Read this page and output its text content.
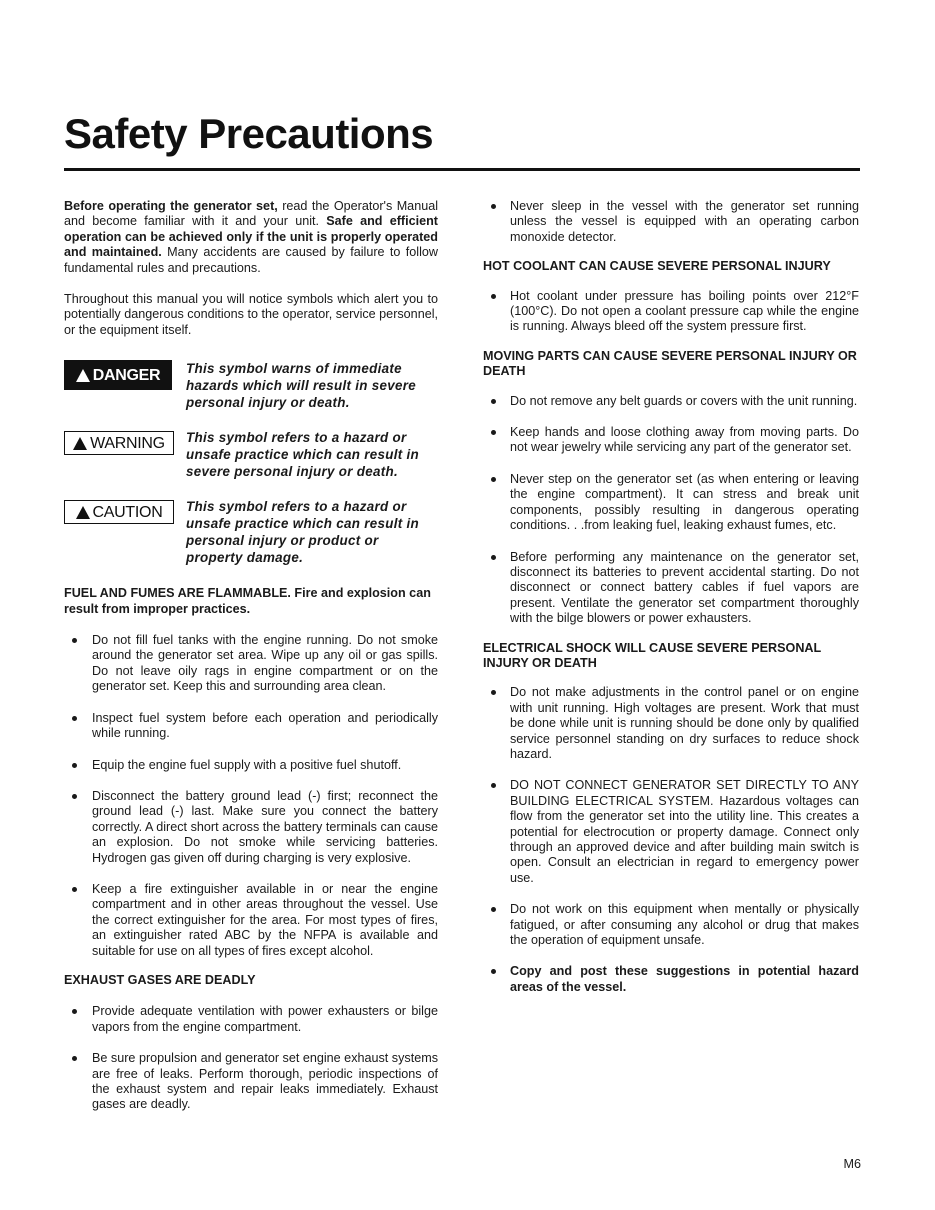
Safety Precautions

Before operating the generator set, read the Operator's Manual and become familiar with it and your unit. Safe and efficient operation can be achieved only if the unit is properly operated and maintained. Many accidents are caused by failure to follow fundamental rules and precautions.

Throughout this manual you will notice symbols which alert you to potentially dangerous conditions to the operator, service personnel, or the equipment itself.

DANGER	This symbol warns of immediate hazards which will result in severe personal injury or death.
WARNING	This symbol refers to a hazard or unsafe practice which can result in severe personal injury or death.
CAUTION	This symbol refers to a hazard or unsafe practice which can result in personal injury or product or property damage.
FUEL AND FUMES ARE FLAMMABLE. Fire and explosion can result from improper practices.
Do not fill fuel tanks with the engine running. Do not smoke around the generator set area. Wipe up any oil or gas spills. Do not leave oily rags in engine compartment or on the generator set. Keep this and surrounding area clean.
Inspect fuel system before each operation and periodically while running.
Equip the engine fuel supply with a positive fuel shutoff.
Disconnect the battery ground lead (-) first; reconnect the ground lead (-) last. Make sure you connect the battery correctly. A direct short across the battery terminals can cause an explosion. Do not smoke while servicing batteries. Hydrogen gas given off during charging is very explosive.
Keep a fire extinguisher available in or near the engine compartment and in other areas throughout the vessel. Use the correct extinguisher for the area. For most types of fires, an extinguisher rated ABC by the NFPA is available and suitable for use on all types of fires except alcohol.
EXHAUST GASES ARE DEADLY
Provide adequate ventilation with power exhausters or bilge vapors from the engine compartment.
Be sure propulsion and generator set engine exhaust systems are free of leaks. Perform thorough, periodic inspections of the exhaust system and repair leaks immediately. Exhaust gases are deadly.
Never sleep in the vessel with the generator set running unless the vessel is equipped with an operating carbon monoxide detector.
HOT COOLANT CAN CAUSE SEVERE PERSONAL INJURY
Hot coolant under pressure has boiling points over 212°F (100°C). Do not open a coolant pressure cap while the engine is running. Always bleed off the system pressure first.
MOVING PARTS CAN CAUSE SEVERE PERSONAL INJURY OR DEATH
Do not remove any belt guards or covers with the unit running.
Keep hands and loose clothing away from moving parts. Do not wear jewelry while servicing any part of the generator set.
Never step on the generator set (as when entering or leaving the engine compartment). It can stress and break unit components, possibly resulting in dangerous operating conditions. . .from leaking fuel, leaking exhaust fumes, etc.
Before performing any maintenance on the generator set, disconnect its batteries to prevent accidental starting. Do not disconnect or connect battery cables if fuel vapors are present. Ventilate the generator set compartment thoroughly with the bilge blowers or power exhausters.
ELECTRICAL SHOCK WILL CAUSE SEVERE PERSONAL INJURY OR DEATH
Do not make adjustments in the control panel or on engine with unit running. High voltages are present. Work that must be done while unit is running should be done only by qualified service personnel standing on dry surfaces to reduce shock hazard.
DO NOT CONNECT GENERATOR SET DIRECTLY TO ANY BUILDING ELECTRICAL SYSTEM. Hazardous voltages can flow from the generator set into the utility line. This creates a potential for electrocution or property damage. Connect only through an approved device and after building main switch is open. Consult an electrician in regard to emergency power use.
Do not work on this equipment when mentally or physically fatigued, or after consuming any alcohol or drug that makes the operation of equipment unsafe.
Copy and post these suggestions in potential hazard areas of the vessel.
M6
